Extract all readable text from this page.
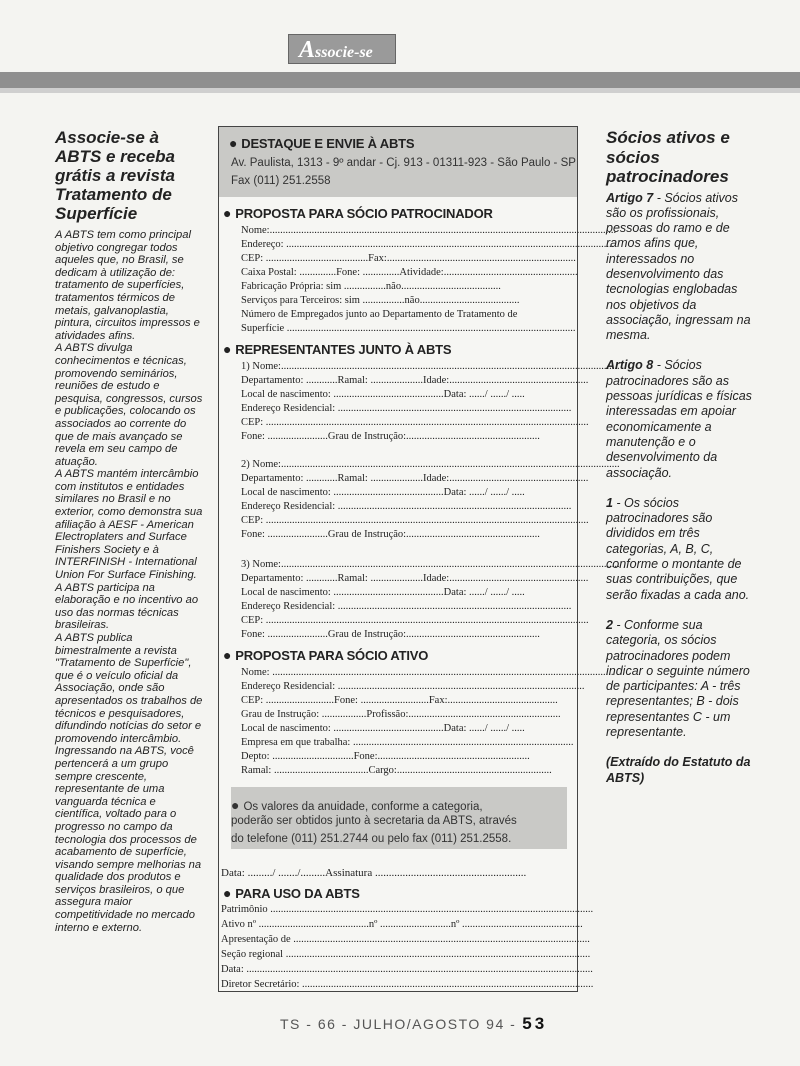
Associe-se
Associe-se à ABTS e receba grátis a revista Tratamento de Superfície

A ABTS tem como principal objetivo congregar todos aqueles que, no Brasil, se dedicam à utilização de: tratamento de superfícies, tratamentos térmicos de metais, galvanoplastia, pintura, circuitos impressos e atividades afins.

A ABTS divulga conhecimentos e técnicas, promovendo seminários, reuniões de estudo e pesquisa, congressos, cursos e publicações, colocando os associados ao corrente do que de mais avançado se revela em seu campo de atuação.

A ABTS mantém intercâmbio com institutos e entidades similares no Brasil e no exterior, como demonstra sua afiliação à AESF - American Electroplaters and Surface Finishers Society e à INTERFINISH - International Union For Surface Finishing.

A ABTS participa na elaboração e no incentivo ao uso das normas técnicas brasileiras.

A ABTS publica bimestralmente a revista "Tratamento de Superfície", que é o veículo oficial da Associação, onde são apresentados os trabalhos de técnicos e pesquisadores, difundindo notícias do setor e promovendo intercâmbio. Ingressando na ABTS, você pertencerá a um grupo sempre crescente, representante de uma vanguarda técnica e científica, voltado para o progresso no campo da tecnologia dos processos de acabamento de superfície, visando sempre melhorias na qualidade dos produtos e serviços brasileiros, o que assegura maior competitividade no mercado interno e externo.

● DESTAQUE E ENVIE À ABTS
Av. Paulista, 1313 - 9º andar - Cj. 913 - 01311-923 - São Paulo - SP
Fax (011) 251.2558
● PROPOSTA PARA SÓCIO PATROCINADOR
Nome:....................................................................................................................................
Endereço: .............................................................................................................................
CEP: .......................................Fax:........................................................................
Caixa Postal: ..............Fone: ..............Atividade:...................................................
Fabricação Própria: sim ................não......................................
Serviços para Terceiros: sim ................não......................................
Número de Empregados junto ao Departamento de Tratamento de
Superfície ..............................................................................................................
● REPRESENTANTES JUNTO À ABTS
1) Nome:.................................................................................................................................
Departamento: ............Ramal: ....................Idade:.....................................................
Local de nascimento: ..........................................Data: ....../ ....../ .....
Endereço Residencial: .........................................................................................
CEP: ...........................................................................................................................
Fone: .......................Grau de Instrução:...................................................
2) Nome:.................................................................................................................................
Departamento: ............Ramal: ....................Idade:.....................................................
Local de nascimento: ..........................................Data: ....../ ....../ .....
Endereço Residencial: .........................................................................................
CEP: ...........................................................................................................................
Fone: .......................Grau de Instrução:...................................................
3) Nome:.................................................................................................................................
Departamento: ............Ramal: ....................Idade:.....................................................
Local de nascimento: ..........................................Data: ....../ ....../ .....
Endereço Residencial: .........................................................................................
CEP: ...........................................................................................................................
Fone: .......................Grau de Instrução:...................................................
● PROPOSTA PARA SÓCIO ATIVO
Nome: ..................................................................................................................................
Endereço Residencial: ..............................................................................................
CEP: ..........................Fone: ..........................Fax:..........................................
Grau de Instrução: .................Profissão:..........................................................
Local de nascimento: ..........................................Data: ....../ ....../ .....
Empresa em que trabalha: ....................................................................................
Depto: ...............................Fone:..........................................................
Ramal: ....................................Cargo:...........................................................
● Os valores da anuidade, conforme a categoria,
poderão ser obtidos junto à secretaria da ABTS, através
do telefone (011) 251.2744 ou pelo fax (011) 251.2558.
Data: ........./ ......./.........Assinatura .......................................................
● PARA USO DA ABTS
Patrimônio ...........................................................................................................................
Ativo nº ..........................................nº ...........................nº ..............................................
Apresentação de .................................................................................................................
Seção regional ....................................................................................................................
Data: ....................................................................................................................................
Diretor Secretário: ...............................................................................................................
Sócios ativos e sócios patrocinadores

Artigo 7 - Sócios ativos são os profissionais, pessoas do ramo e de ramos afins que, interessados no desenvolvimento das tecnologias englobadas nos objetivos da associação, ingressam na mesma.

Artigo 8 - Sócios patrocinadores são as pessoas jurídicas e físicas interessadas em apoiar economicamente a manutenção e o desenvolvimento da associação.

1 - Os sócios patrocinadores são divididos em três categorias, A, B, C, conforme o montante de suas contribuições, que serão fixadas a cada ano.

2 - Conforme sua categoria, os sócios patrocinadores podem indicar o seguinte número de participantes: A - três representantes; B - dois representantes C - um representante.

(Extraído do Estatuto da ABTS)

TS - 66 - JULHO/AGOSTO 94 - 53
